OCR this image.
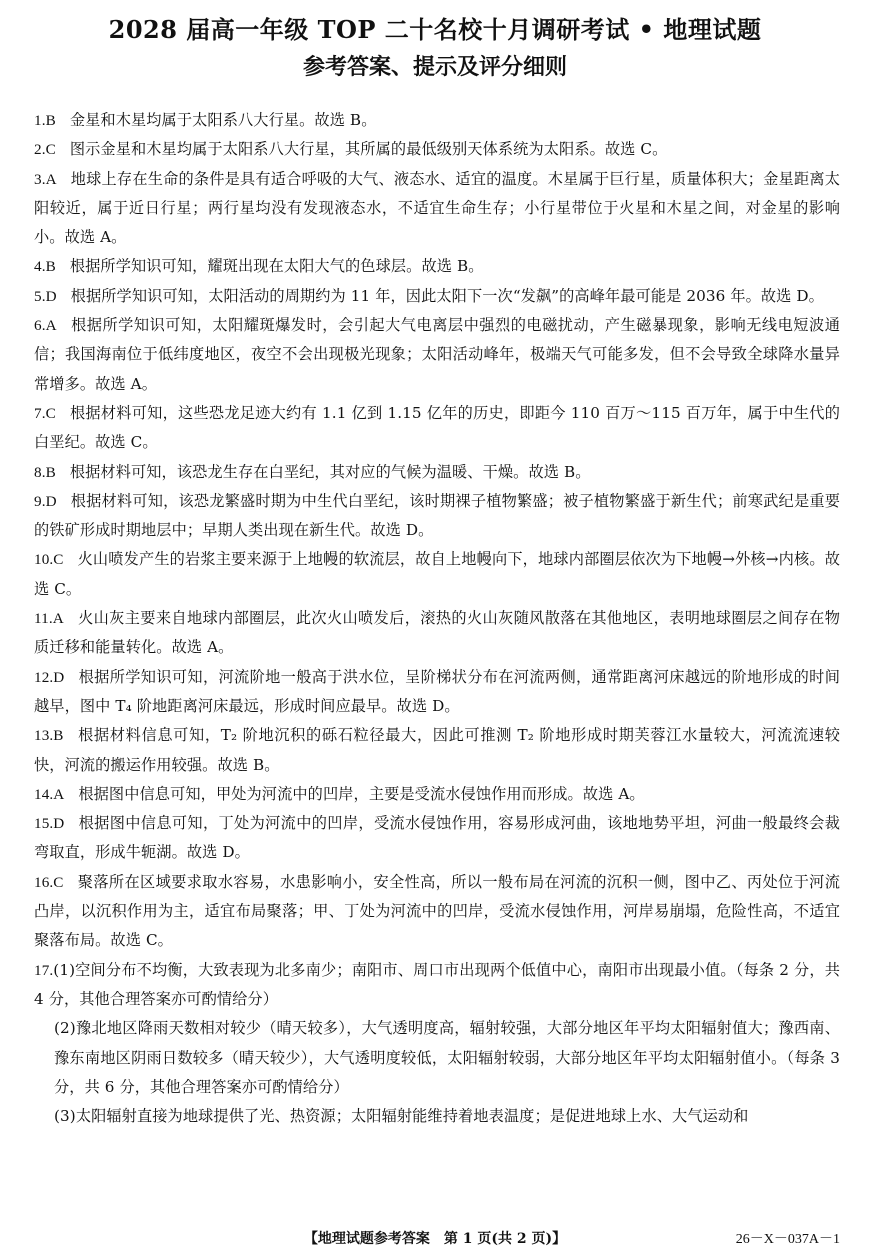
2028 届高一年级 TOP 二十名校十月调研考试 • 地理试题
参考答案、提示及评分细则
1.B 金星和木星均属于太阳系八大行星。故选 B。
2.C 图示金星和木星均属于太阳系八大行星，其所属的最低级别天体系统为太阳系。故选 C。
3.A 地球上存在生命的条件是具有适合呼吸的大气、液态水、适宜的温度。木星属于巨行星，质量体积大；金星距离太阳较近，属于近日行星；两行星均没有发现液态水，不适宜生命生存；小行星带位于火星和木星之间，对金星的影响小。故选 A。
4.B 根据所学知识可知，耀斑出现在太阳大气的色球层。故选 B。
5.D 根据所学知识可知，太阳活动的周期约为 11 年，因此太阳下一次“发飙”的高峰年最可能是 2036 年。故选 D。
6.A 根据所学知识可知，太阳耀斑爆发时，会引起大气电离层中强烈的电磁扰动，产生磁暴现象，影响无线电短波通信；我国海南位于低纬度地区，夜空不会出现极光现象；太阳活动峰年，极端天气可能多发，但不会导致全球降水量异常增多。故选 A。
7.C 根据材料可知，这些恐龙足迹大约有 1.1 亿到 1.15 亿年的历史，即距今 110 百万～115 百万年，属于中生代的白垩纪。故选 C。
8.B 根据材料可知，该恐龙生存在白垩纪，其对应的气候为温暖、干燥。故选 B。
9.D 根据材料可知，该恐龙繁盛时期为中生代白垩纪，该时期裸子植物繁盛；被子植物繁盛于新生代；前寒武纪是重要的铁矿形成时期地层中；早期人类出现在新生代。故选 D。
10.C 火山喷发产生的岩浆主要来源于上地幔的软流层，故自上地幔向下，地球内部圈层依次为下地幔→外核→内核。故选 C。
11.A 火山灰主要来自地球内部圈层，此次火山喷发后，滚热的火山灰随风散落在其他地区，表明地球圈层之间存在物质迁移和能量转化。故选 A。
12.D 根据所学知识可知，河流阶地一般高于洪水位，呈阶梯状分布在河流两侧，通常距离河床越远的阶地形成的时间越早，图中 T₄ 阶地距离河床最远，形成时间应最早。故选 D。
13.B 根据材料信息可知，T₂ 阶地沉积的砾石粒径最大，因此可推测 T₂ 阶地形成时期芙蓉江水量较大，河流流速较快，河流的搬运作用较强。故选 B。
14.A 根据图中信息可知，甲处为河流中的凹岸，主要是受流水侵蚀作用而形成。故选 A。
15.D 根据图中信息可知，丁处为河流中的凹岸，受流水侵蚀作用，容易形成河曲，该地地势平坦，河曲一般最终会裁弯取直，形成牛轭湖。故选 D。
16.C 聚落所在区域要求取水容易，水患影响小，安全性高，所以一般布局在河流的沉积一侧，图中乙、丙处位于河流凸岸，以沉积作用为主，适宜布局聚落；甲、丁处为河流中的凹岸，受流水侵蚀作用，河岸易崩塌，危险性高，不适宜聚落布局。故选 C。
17.(1)空间分布不均衡，大致表现为北多南少；南阳市、周口市出现两个低值中心，南阳市出现最小值。（每条 2 分，共 4 分，其他合理答案亦可酌情给分）
(2)豫北地区降雨天数相对较少（晴天较多），大气透明度高，辐射较强，大部分地区年平均太阳辐射值大；豫西南、豫东南地区阴雨日数较多（晴天较少），大气透明度较低，太阳辐射较弱，大部分地区年平均太阳辐射值小。（每条 3 分，共 6 分，其他合理答案亦可酌情给分）
(3)太阳辐射直接为地球提供了光、热资源；太阳辐射能维持着地表温度；是促进地球上水、大气运动和
【地理试题参考答案　第 1 页(共 2 页)】	26－X－037A－1
